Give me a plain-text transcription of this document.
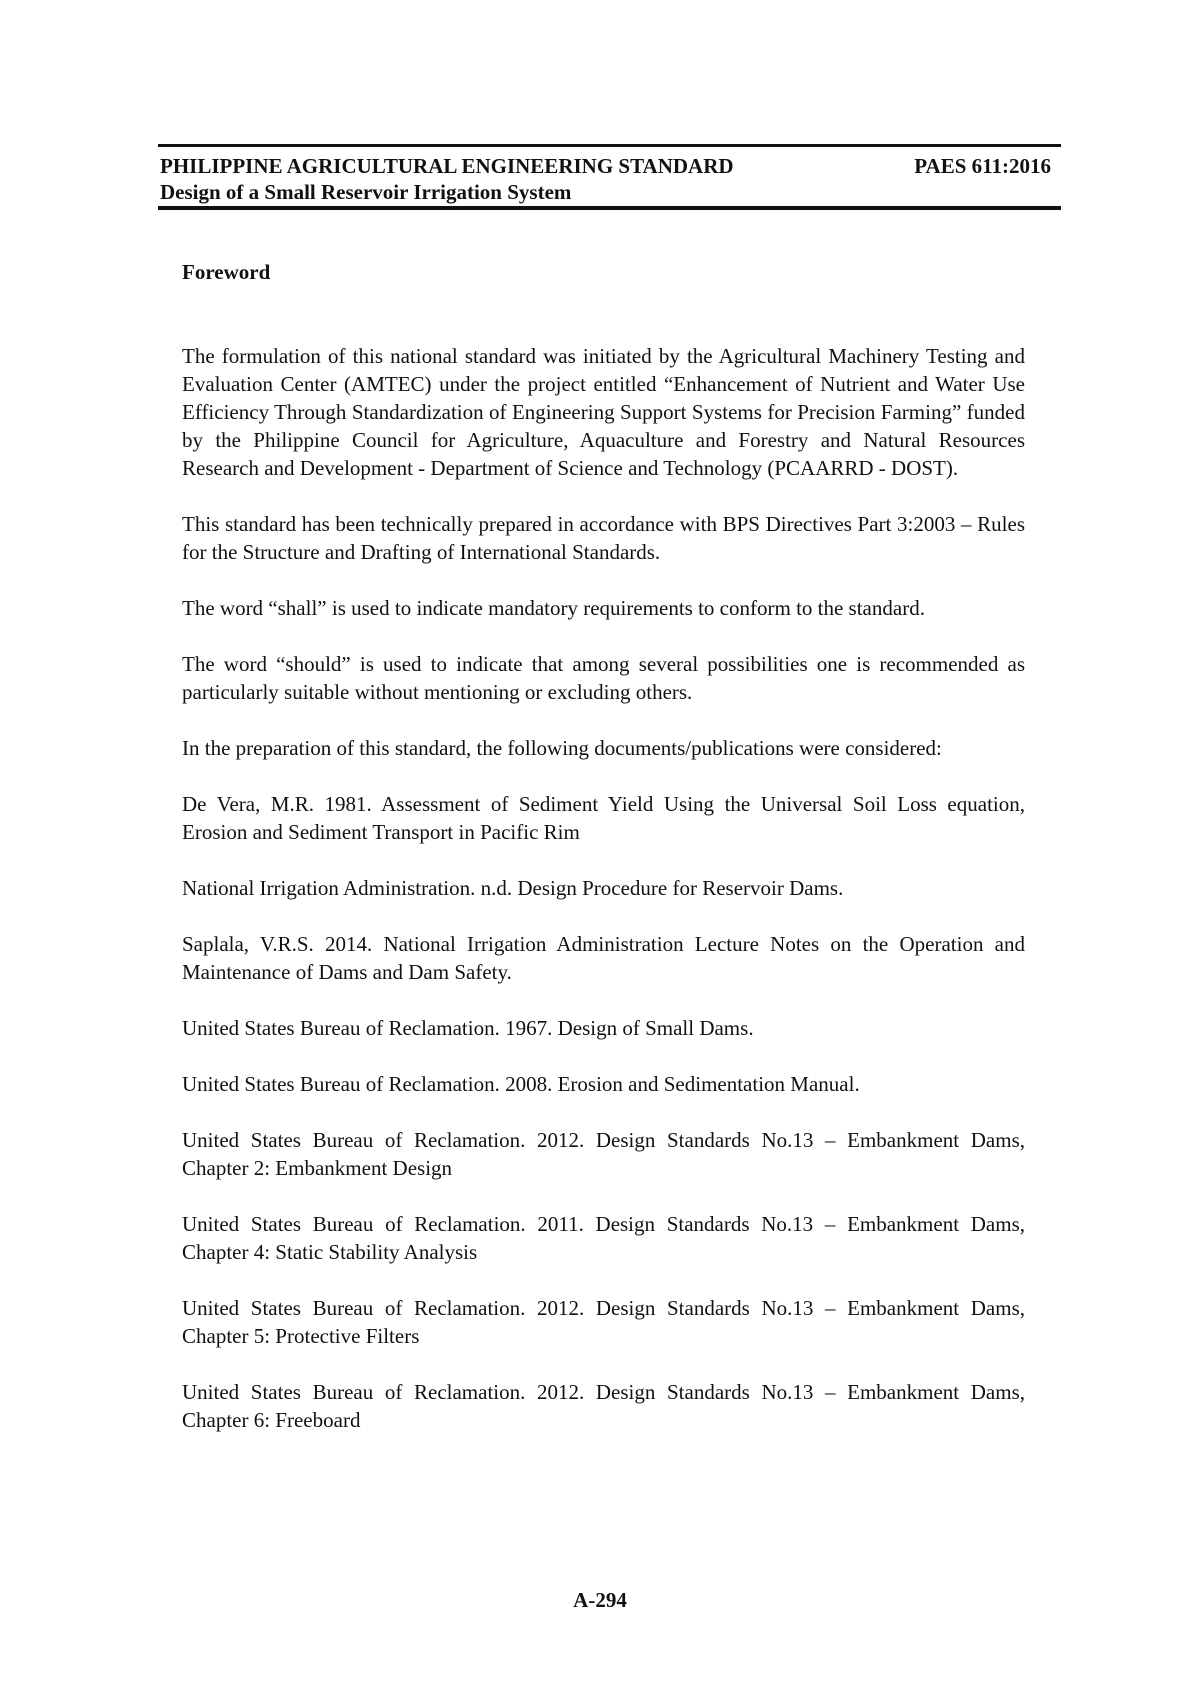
PHILIPPINE AGRICULTURAL ENGINEERING STANDARD	PAES 611:2016
Design of a Small Reservoir Irrigation System
Foreword

The formulation of this national standard was initiated by the Agricultural Machinery Testing and Evaluation Center (AMTEC) under the project entitled “Enhancement of Nutrient and Water Use Efficiency Through Standardization of Engineering Support Systems for Precision Farming” funded by the Philippine Council for Agriculture, Aquaculture and Forestry and Natural Resources Research and Development - Department of Science and Technology (PCAARRD - DOST).

This standard has been technically prepared in accordance with BPS Directives Part 3:2003 – Rules for the Structure and Drafting of International Standards.

The word “shall” is used to indicate mandatory requirements to conform to the standard.

The word “should” is used to indicate that among several possibilities one is recommended as particularly suitable without mentioning or excluding others.

In the preparation of this standard, the following documents/publications were considered:

De Vera, M.R. 1981. Assessment of Sediment Yield Using the Universal Soil Loss equation, Erosion and Sediment Transport in Pacific Rim
National Irrigation Administration. n.d. Design Procedure for Reservoir Dams.
Saplala, V.R.S. 2014. National Irrigation Administration Lecture Notes on the Operation and Maintenance of Dams and Dam Safety.
United States Bureau of Reclamation. 1967. Design of Small Dams.
United States Bureau of Reclamation. 2008. Erosion and Sedimentation Manual.
United States Bureau of Reclamation. 2012. Design Standards No.13 – Embankment Dams, Chapter 2: Embankment Design
United States Bureau of Reclamation. 2011. Design Standards No.13 – Embankment Dams, Chapter 4: Static Stability Analysis
United States Bureau of Reclamation. 2012. Design Standards No.13 – Embankment Dams, Chapter 5: Protective Filters
United States Bureau of Reclamation. 2012. Design Standards No.13 – Embankment Dams, Chapter 6: Freeboard
A-294
